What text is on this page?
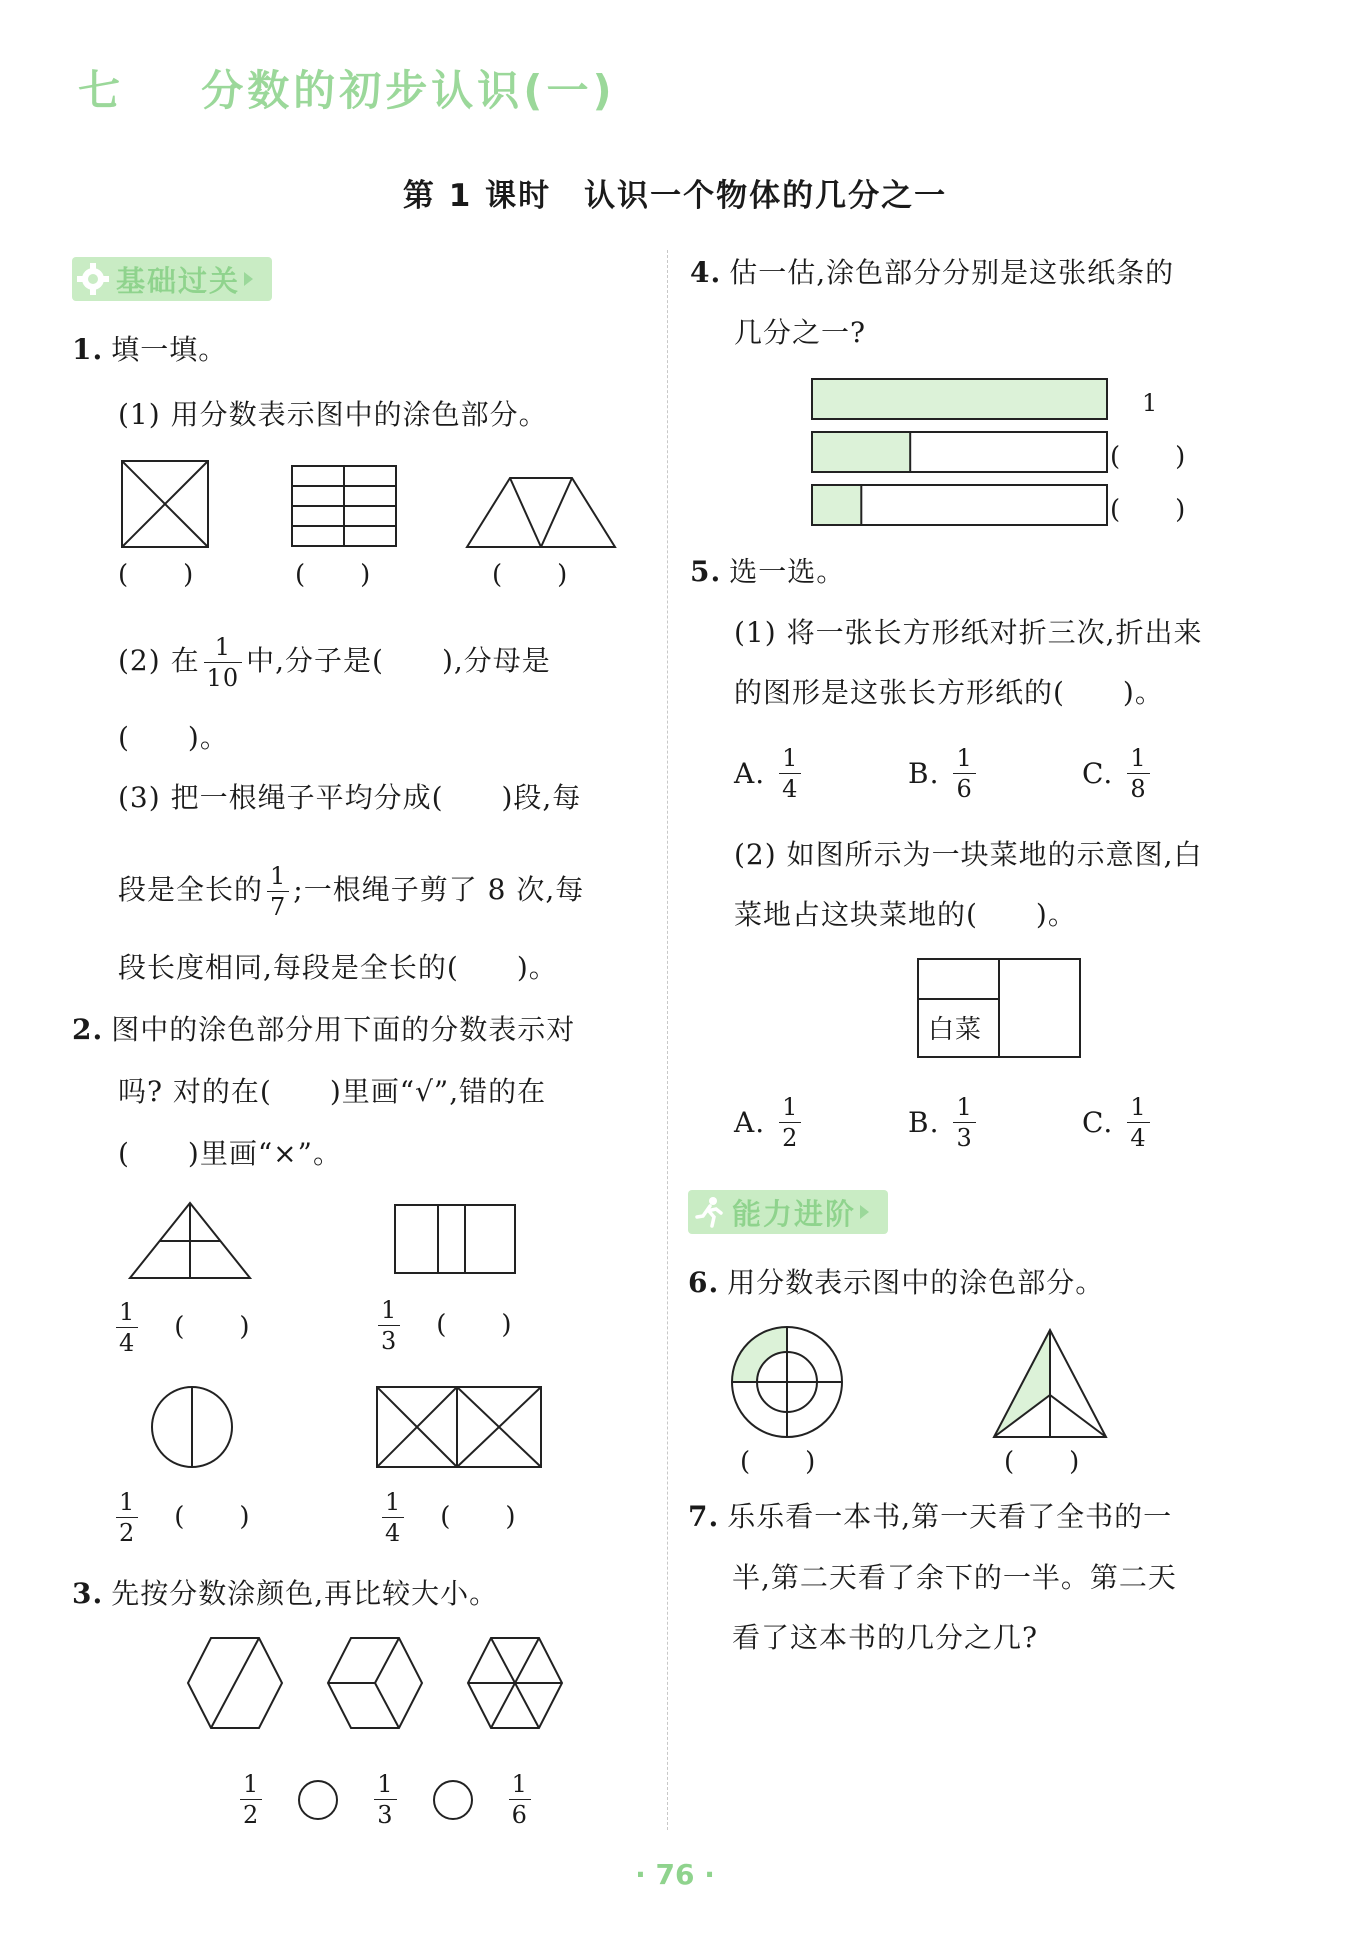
七 分数的初步认识(一)
第 1 课时　认识一个物体的几分之一
基础过关
1. 填一填。
(1) 用分数表示图中的涂色部分。
(　　)	(　　)	(　　)
(2) 在 $\frac{1}{10}$ 中,分子是(　　),分母是
(　　)。
(3) 把一根绳子平均分成(　　)段,每
段是全长的 $\frac{1}{7}$ ;一根绳子剪了 8 次,每
段长度相同,每段是全长的(　　)。
2. 图中的涂色部分用下面的分数表示对
吗? 对的在(　　)里画“√”,错的在
(　　)里画“×”。
$\frac{1}{4}$ (　　)	$\frac{1}{3}$ (　　)
$\frac{1}{2}$ (　　)	$\frac{1}{4}$ (　　)
3. 先按分数涂颜色,再比较大小。
$\frac{1}{2}$	$\frac{1}{3}$	$\frac{1}{6}$
4. 估一估,涂色部分分别是这张纸条的
几分之一?
1
(　　)
(　　)
5. 选一选。
(1) 将一张长方形纸对折三次,折出来
的图形是这张长方形纸的(　　)。
A. $\frac{1}{4}$	B. $\frac{1}{6}$	C. $\frac{1}{8}$
(2) 如图所示为一块菜地的示意图,白
菜地占这块菜地的(　　)。
白菜
A. $\frac{1}{2}$	B. $\frac{1}{3}$	C. $\frac{1}{4}$
能力进阶
6. 用分数表示图中的涂色部分。
(　　)	(　　)
7. 乐乐看一本书,第一天看了全书的一
半,第二天看了余下的一半。第二天
看了这本书的几分之几?
· 76 ·
